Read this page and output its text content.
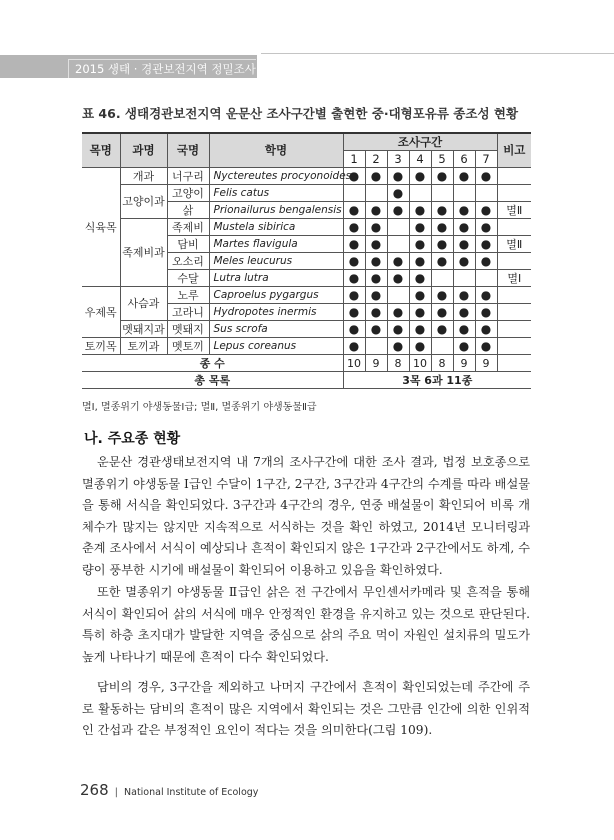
2015 생태 · 경관보전지역 정밀조사 – 운문산
표 46. 생태경관보전지역 운문산 조사구간별 출현한 중·대형포유류 종조성 현황
목명	과명	국명	학명	조사구간							비고
				1	2	3	4	5	6	7	
식육목	개과	너구리	Nyctereutes procyonoides	●	●	●	●	●	●	●	
	고양이과	고양이	Felis catus			●					
		삵	Prionailurus bengalensis	●	●	●	●	●	●	●	멸Ⅱ
	족제비과	족제비	Mustela sibirica	●	●		●	●	●	●	
		담비	Martes flavigula	●	●		●	●	●	●	멸Ⅱ
		오소리	Meles leucurus	●	●	●	●	●	●	●	
		수달	Lutra lutra	●	●	●	●				멸Ⅰ
우제목	사슴과	노루	Caproelus pygargus	●	●		●	●	●	●	
		고라니	Hydropotes inermis	●	●	●	●	●	●	●	
	멧돼지과	멧돼지	Sus scrofa	●	●	●	●	●	●	●	
토끼목	토끼과	멧토끼	Lepus coreanus	●		●	●		●	●	
종 수				10	9	8	10	8	9	9	
총 목록				3목 6과 11종							
멸Ⅰ, 멸종위기 야생동물Ⅰ급; 멸Ⅱ, 멸종위기 야생동물Ⅱ급
나. 주요종 현황

운문산 경관생태보전지역 내 7개의 조사구간에 대한 조사 결과, 법정 보호종으로 멸종위기 야생동물 Ⅰ급인 수달이 1구간, 2구간, 3구간과 4구간의 수계를 따라 배설물을 통해 서식을 확인되었다. 3구간과 4구간의 경우, 연중 배설물이 확인되어 비록 개체수가 많지는 않지만 지속적으로 서식하는 것을 확인 하였고, 2014년 모니터링과 춘계 조사에서 서식이 예상되나 흔적이 확인되지 않은 1구간과 2구간에서도 하계, 수량이 풍부한 시기에 배설물이 확인되어 이용하고 있음을 확인하였다.

또한 멸종위기 야생동물 Ⅱ급인 삵은 전 구간에서 무인센서카메라 및 흔적을 통해 서식이 확인되어 삵의 서식에 매우 안정적인 환경을 유지하고 있는 것으로 판단된다. 특히 하층 초지대가 발달한 지역을 중심으로 삵의 주요 먹이 자원인 설치류의 밀도가 높게 나타나기 때문에 흔적이 다수 확인되었다.

담비의 경우, 3구간을 제외하고 나머지 구간에서 흔적이 확인되었는데 주간에 주로 활동하는 담비의 흔적이 많은 지역에서 확인되는 것은 그만큼 인간에 의한 인위적인 간섭과 같은 부정적인 요인이 적다는 것을 의미한다(그림 109).

268 | National Institute of Ecology
